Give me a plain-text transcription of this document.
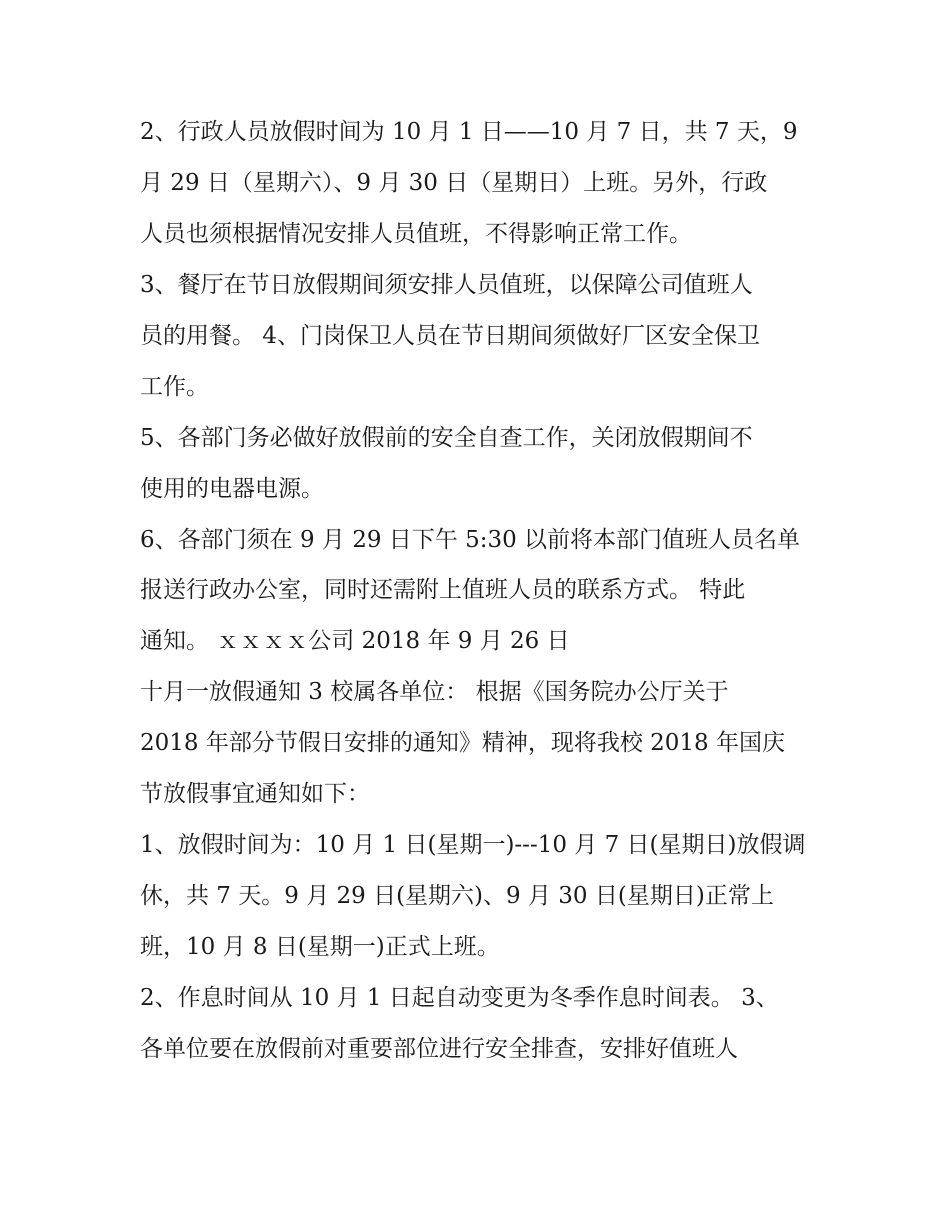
2、行政人员放假时间为 10 月 1 日——10 月 7 日，共 7 天，9
月 29 日（星期六）、9 月 30 日（星期日）上班。另外，行政
人员也须根据情况安排人员值班，不得影响正常工作。
3、餐厅在节日放假期间须安排人员值班，以保障公司值班人
员的用餐。 4、门岗保卫人员在节日期间须做好厂区安全保卫
工作。
5、各部门务必做好放假前的安全自查工作，关闭放假期间不
使用的电器电源。
6、各部门须在 9 月 29 日下午 5:30 以前将本部门值班人员名单
报送行政办公室，同时还需附上值班人员的联系方式。 特此
通知。 ｘｘｘｘ公司 2018 年 9 月 26 日
十月一放假通知 3 校属各单位： 根据《国务院办公厅关于
2018 年部分节假日安排的通知》精神，现将我校 2018 年国庆
节放假事宜通知如下：
1、放假时间为：10 月 1 日(星期一)---10 月 7 日(星期日)放假调
休，共 7 天。9 月 29 日(星期六)、9 月 30 日(星期日)正常上
班，10 月 8 日(星期一)正式上班。
2、作息时间从 10 月 1 日起自动变更为冬季作息时间表。 3、
各单位要在放假前对重要部位进行安全排查，安排好值班人
